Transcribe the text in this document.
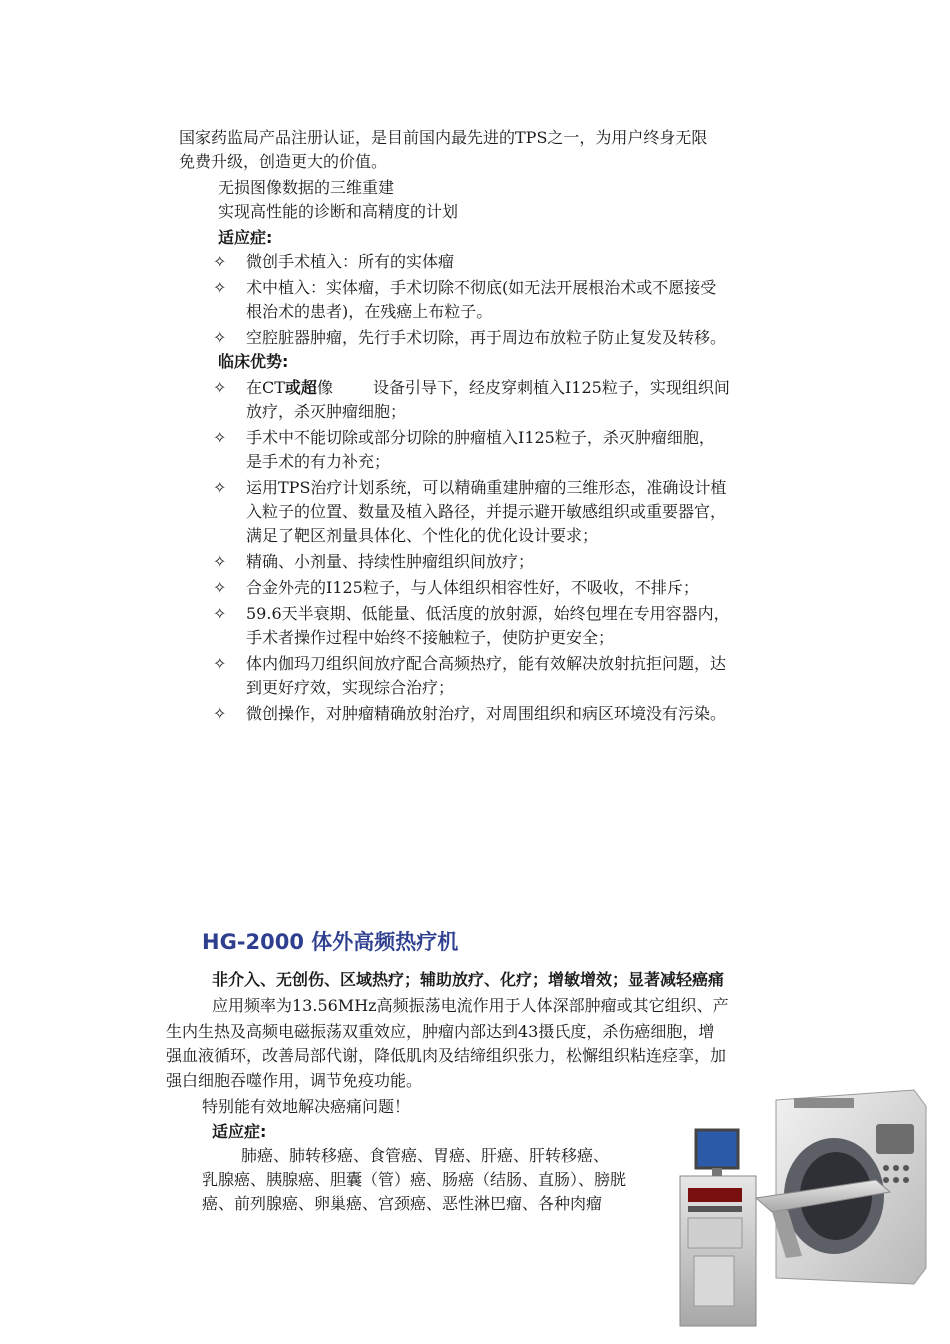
国家药监局产品注册认证，是目前国内最先进的TPS之一，为用户终身无限
免费升级，创造更大的价值。
无损图像数据的三维重建
实现高性能的诊断和高精度的计划
适应症:
✧ 微创手术植入：所有的实体瘤
✧ 术中植入：实体瘤，手术切除不彻底(如无法开展根治术或不愿接受
根治术的患者)，在残癌上布粒子。
✧ 空腔脏器肿瘤，先行手术切除，再于周边布放粒子防止复发及转移。
临床优势:
✧ 在CT或超像	设备引导下，经皮穿刺植入I125粒子，实现组织间
放疗，杀灭肿瘤细胞；
✧ 手术中不能切除或部分切除的肿瘤植入I125粒子，杀灭肿瘤细胞，
是手术的有力补充；
✧ 运用TPS治疗计划系统，可以精确重建肿瘤的三维形态，准确设计植
入粒子的位置、数量及植入路径，并提示避开敏感组织或重要器官，
满足了靶区剂量具体化、个性化的优化设计要求；
✧ 精确、小剂量、持续性肿瘤组织间放疗；
✧ 合金外壳的I125粒子，与人体组织相容性好，不吸收，不排斥；
✧ 59.6天半衰期、低能量、低活度的放射源，始终包埋在专用容器内，
手术者操作过程中始终不接触粒子，使防护更安全；
✧ 体内伽玛刀组织间放疗配合高频热疗，能有效解决放射抗拒问题，达
到更好疗效，实现综合治疗；
✧ 微创操作，对肿瘤精确放射治疗，对周围组织和病区环境没有污染。
HG-2000 体外高频热疗机
非介入、无创伤、区域热疗；辅助放疗、化疗；增敏增效；显著减轻癌痛
应用频率为13.56MHz高频振荡电流作用于人体深部肿瘤或其它组织、产
生内生热及高频电磁振荡双重效应，肿瘤内部达到43摄氏度，杀伤癌细胞，增
强血液循环，改善局部代谢，降低肌肉及结缔组织张力，松懈组织粘连痉挛，加
强白细胞吞噬作用，调节免疫功能。
特别能有效地解决癌痛问题！
适应症:
肺癌、肺转移癌、食管癌、胃癌、肝癌、肝转移癌、
乳腺癌、胰腺癌、胆囊（管）癌、肠癌（结肠、直肠）、膀胱
癌、前列腺癌、卵巢癌、宫颈癌、恶性淋巴瘤、各种肉瘤
